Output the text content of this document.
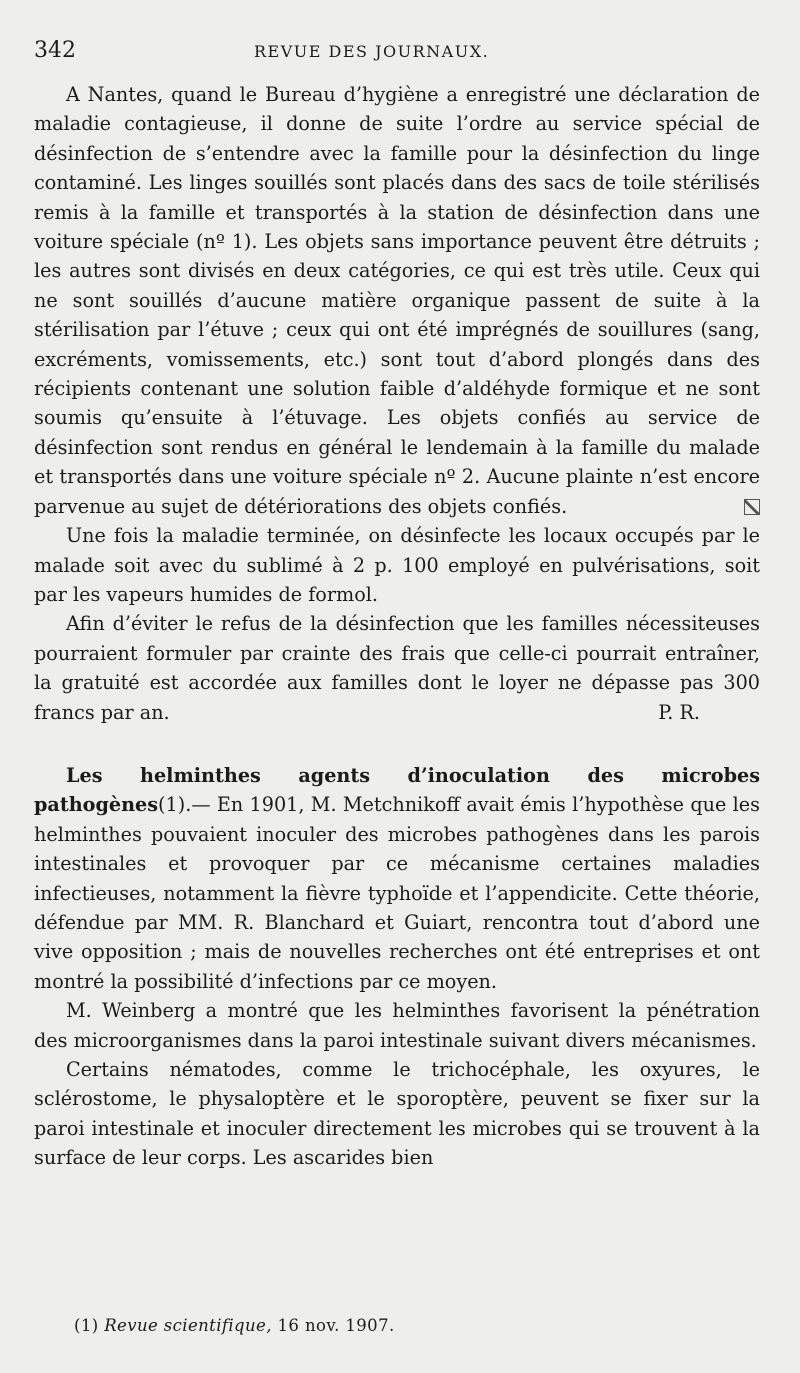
342	REVUE DES JOURNAUX.

A Nantes, quand le Bureau d’hygiène a enregistré une déclaration de maladie contagieuse, il donne de suite l’ordre au service spécial de désinfection de s’entendre avec la famille pour la désinfection du linge contaminé. Les linges souillés sont placés dans des sacs de toile stérilisés remis à la famille et transportés à la station de désinfection dans une voiture spéciale (nº 1). Les objets sans importance peuvent être détruits ; les autres sont divisés en deux catégories, ce qui est très utile. Ceux qui ne sont souillés d’aucune matière organique passent de suite à la stérilisation par l’étuve ; ceux qui ont été imprégnés de souillures (sang, excréments, vomissements, etc.) sont tout d’abord plongés dans des récipients contenant une solution faible d’aldéhyde formique et ne sont soumis qu’ensuite à l’étuvage. Les objets confiés au service de désinfection sont rendus en général le lendemain à la famille du malade et transportés dans une voiture spéciale nº 2. Aucune plainte n’est encore parvenue au sujet de détériorations des objets confiés.

Une fois la maladie terminée, on désinfecte les locaux occupés par le malade soit avec du sublimé à 2 p. 100 employé en pulvérisations, soit par les vapeurs humides de formol.

Afin d’éviter le refus de la désinfection que les familles nécessiteuses pourraient formuler par crainte des frais que celle-ci pourrait entraîner, la gratuité est accordée aux familles dont le loyer ne dépasse pas 300 francs par an.	P. R.

Les helminthes agents d’inoculation des microbes pathogènes(1).— En 1901, M. Metchnikoff avait émis l’hypothèse que les helminthes pouvaient inoculer des microbes pathogènes dans les parois intestinales et provoquer par ce mécanisme certaines maladies infectieuses, notamment la fièvre typhoïde et l’appendicite. Cette théorie, défendue par MM. R. Blanchard et Guiart, rencontra tout d’abord une vive opposition ; mais de nouvelles recherches ont été entreprises et ont montré la possibilité d’infections par ce moyen.

M. Weinberg a montré que les helminthes favorisent la pénétration des microorganismes dans la paroi intestinale suivant divers mécanismes.

Certains nématodes, comme le trichocéphale, les oxyures, le sclérostome, le physaloptère et le sporoptère, peuvent se fixer sur la paroi intestinale et inoculer directement les microbes qui se trouvent à la surface de leur corps. Les ascarides bien

(1) Revue scientifique, 16 nov. 1907.
